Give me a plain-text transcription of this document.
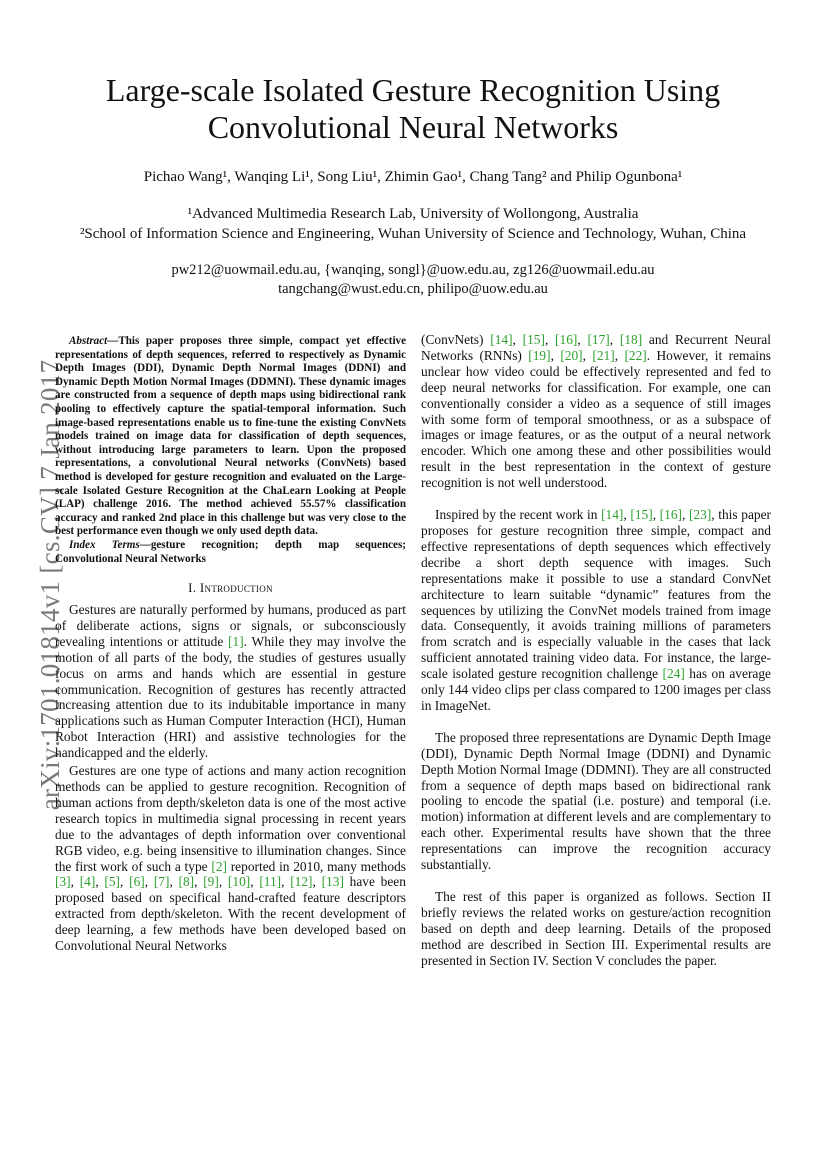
Large-scale Isolated Gesture Recognition Using
Convolutional Neural Networks
Pichao Wang¹, Wanqing Li¹, Song Liu¹, Zhimin Gao¹, Chang Tang² and Philip Ogunbona¹
¹Advanced Multimedia Research Lab, University of Wollongong, Australia
²School of Information Science and Engineering, Wuhan University of Science and Technology, Wuhan, China
pw212@uowmail.edu.au, {wanqing, songl}@uow.edu.au, zg126@uowmail.edu.au
tangchang@wust.edu.cn, philipo@uow.edu.au
arXiv:1701.01814v1 [cs.CV] 7 Jan 2017

Abstract—This paper proposes three simple, compact yet effective representations of depth sequences, referred to respectively as Dynamic Depth Images (DDI), Dynamic Depth Normal Images (DDNI) and Dynamic Depth Motion Normal Images (DDMNI). These dynamic images are constructed from a sequence of depth maps using bidirectional rank pooling to effectively capture the spatial-temporal information. Such image-based representations enable us to fine-tune the existing ConvNets models trained on image data for classification of depth sequences, without introducing large parameters to learn. Upon the proposed representations, a convolutional Neural networks (ConvNets) based method is developed for gesture recognition and evaluated on the Large-scale Isolated Gesture Recognition at the ChaLearn Looking at People (LAP) challenge 2016. The method achieved 55.57% classification accuracy and ranked 2nd place in this challenge but was very close to the best performance even though we only used depth data.

Index Terms—gesture recognition; depth map sequences; Convolutional Neural Networks

I. Introduction

Gestures are naturally performed by humans, produced as part of deliberate actions, signs or signals, or subconsciously revealing intentions or attitude [1]. While they may involve the motion of all parts of the body, the studies of gestures usually focus on arms and hands which are essential in gesture communication. Recognition of gestures has recently attracted increasing attention due to its indubitable importance in many applications such as Human Computer Interaction (HCI), Human Robot Interaction (HRI) and assistive technologies for the handicapped and the elderly.

Gestures are one type of actions and many action recognition methods can be applied to gesture recognition. Recognition of human actions from depth/skeleton data is one of the most active research topics in multimedia signal processing in recent years due to the advantages of depth information over conventional RGB video, e.g. being insensitive to illumination changes. Since the first work of such a type [2] reported in 2010, many methods [3], [4], [5], [6], [7], [8], [9], [10], [11], [12], [13] have been proposed based on specifical hand-crafted feature descriptors extracted from depth/skeleton. With the recent development of deep learning, a few methods have been developed based on Convolutional Neural Networks

(ConvNets) [14], [15], [16], [17], [18] and Recurrent Neural Networks (RNNs) [19], [20], [21], [22]. However, it remains unclear how video could be effectively represented and fed to deep neural networks for classification. For example, one can conventionally consider a video as a sequence of still images with some form of temporal smoothness, or as a subspace of images or image features, or as the output of a neural network encoder. Which one among these and other possibilities would result in the best representation in the context of gesture recognition is not well understood.

Inspired by the recent work in [14], [15], [16], [23], this paper proposes for gesture recognition three simple, compact and effective representations of depth sequences which effectively decribe a short depth sequence with images. Such representations make it possible to use a standard ConvNet architecture to learn suitable “dynamic” features from the sequences by utilizing the ConvNet models trained from image data. Consequently, it avoids training millions of parameters from scratch and is especially valuable in the cases that lack sufficient annotated training video data. For instance, the large-scale isolated gesture recognition challenge [24] has on average only 144 video clips per class compared to 1200 images per class in ImageNet.

The proposed three representations are Dynamic Depth Image (DDI), Dynamic Depth Normal Image (DDNI) and Dynamic Depth Motion Normal Image (DDMNI). They are all constructed from a sequence of depth maps based on bidirectional rank pooling to encode the spatial (i.e. posture) and temporal (i.e. motion) information at different levels and are complementary to each other. Experimental results have shown that the three representations can improve the recognition accuracy substantially.

The rest of this paper is organized as follows. Section II briefly reviews the related works on gesture/action recognition based on depth and deep learning. Details of the proposed method are described in Section III. Experimental results are presented in Section IV. Section V concludes the paper.
